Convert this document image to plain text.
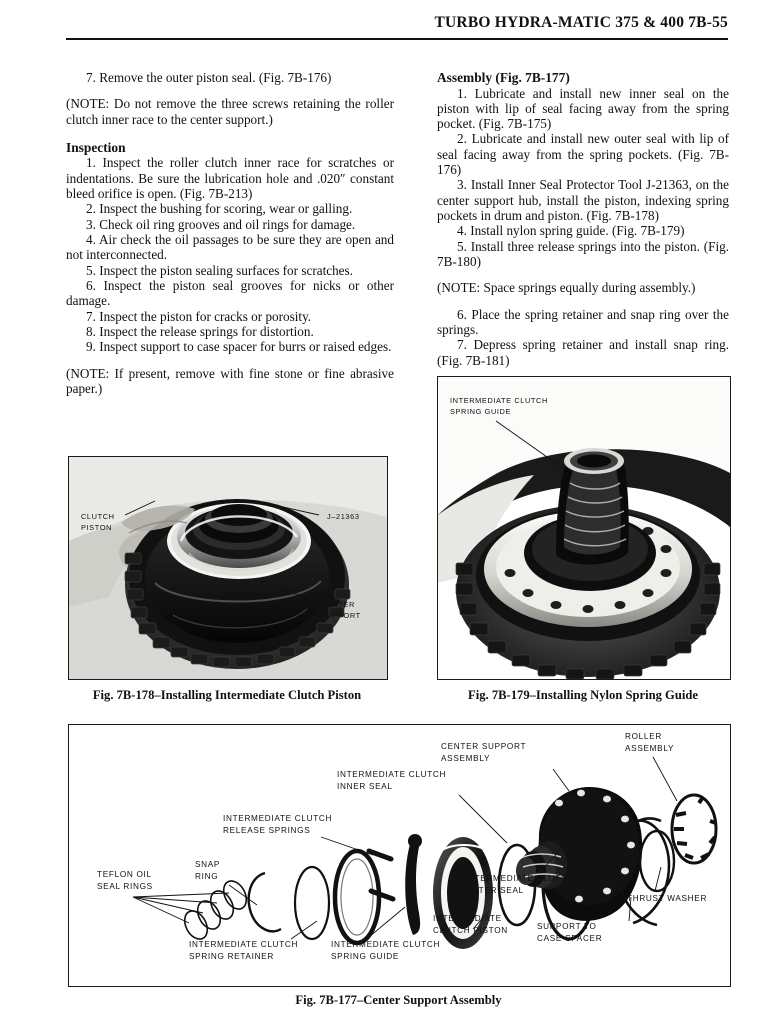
TURBO HYDRA-MATIC 375 & 400 7B-55

7. Remove the outer piston seal. (Fig. 7B-176)

(NOTE: Do not remove the three screws retaining the roller clutch inner race to the center support.)

Inspection

1. Inspect the roller clutch inner race for scratches or indentations. Be sure the lubrication hole and .020″ constant bleed orifice is open. (Fig. 7B-213)

2. Inspect the bushing for scoring, wear or galling.

3. Check oil ring grooves and oil rings for damage.

4. Air check the oil passages to be sure they are open and not interconnected.

5. Inspect the piston sealing surfaces for scratches.

6. Inspect the piston seal grooves for nicks or other damage.

7. Inspect the piston for cracks or porosity.

8. Inspect the release springs for distortion.

9. Inspect support to case spacer for burrs or raised edges.

(NOTE: If present, remove with fine stone or fine abrasive paper.)

Assembly (Fig. 7B-177)

1. Lubricate and install new inner seal on the piston with lip of seal facing away from the spring pocket. (Fig. 7B-175)

2. Lubricate and install new outer seal with lip of seal facing away from the spring pockets. (Fig. 7B-176)

3. Install Inner Seal Protector Tool J-21363, on the center support hub, install the piston, indexing spring pockets in drum and piston. (Fig. 7B-178)

4. Install nylon spring guide. (Fig. 7B-179)

5. Install three release springs into the piston. (Fig. 7B-180)

(NOTE: Space springs equally during assembly.)

6. Place the spring retainer and snap ring over the springs.

7. Depress spring retainer and install snap ring. (Fig. 7B-181)

CLUTCH
PISTON
J–21363
CENTER
SUPPORT
Fig. 7B-178–Installing Intermediate Clutch Piston
INTERMEDIATE CLUTCH
SPRING GUIDE
Fig. 7B-179–Installing Nylon Spring Guide
TEFLON OIL
SEAL RINGS
SNAP
RING
INTERMEDIATE CLUTCH
RELEASE SPRINGS
INTERMEDIATE CLUTCH
INNER SEAL
CENTER SUPPORT
ASSEMBLY
ROLLER
ASSEMBLY
THRUST WASHER
SUPPORT TO
CASE SPACER
INTERMEDIATE CLUTCH
OUTER SEAL
INTERMEDIATE
CLUTCH PISTON
INTERMEDIATE CLUTCH
SPRING GUIDE
INTERMEDIATE CLUTCH
SPRING RETAINER
Fig. 7B-177–Center Support Assembly
